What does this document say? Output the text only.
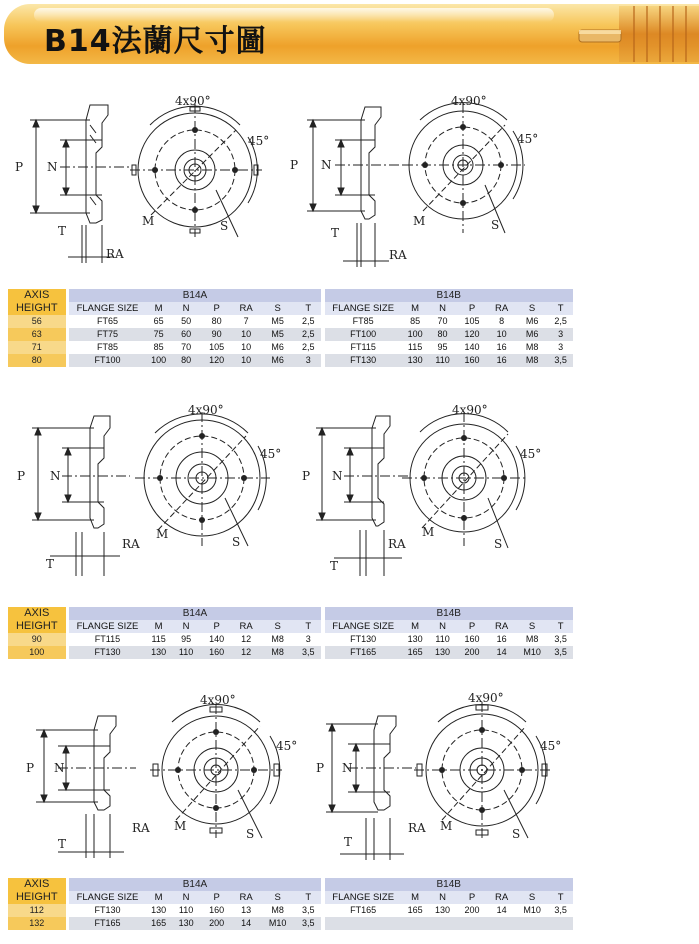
B14法蘭尺寸圖
P N
T
RA
4x90°
45°
M	S
P N
T
RA
4x90°
45°
M	S
AXIS
HEIGHT	B14A								B14B						
	FLANGE SIZE	M	N	P	RA	S	T		FLANGE SIZE	M	N	P	RA	S	T
56	FT65	65	50	80	7	M5	2,5		FT85	85	70	105	8	M6	2,5
63	FT75	75	60	90	10	M5	2,5		FT100	100	80	120	10	M6	3
71	FT85	85	70	105	10	M6	2,5		FT115	115	95	140	16	M8	3
80	FT100	100	80	120	10	M6	3		FT130	130	110	160	16	M8	3,5
P N
T
RA
4x90°
45°
M
S
P N
T
RA
4x90°
45°
M
S
AXIS
HEIGHT	B14A								B14B						
	FLANGE SIZE	M	N	P	RA	S	T		FLANGE SIZE	M	N	P	RA	S	T
90	FT115	115	95	140	12	M8	3		FT130	130	110	160	16	M8	3,5
100	FT130	130	110	160	12	M8	3,5		FT165	165	130	200	14	M10	3,5
P N
T
RA
4x90°
45°
M
S
P N
T
RA
4x90°
45°
M
S
AXIS
HEIGHT	B14A								B14B						
	FLANGE SIZE	M	N	P	RA	S	T		FLANGE SIZE	M	N	P	RA	S	T
112	FT130	130	110	160	13	M8	3,5		FT165	165	130	200	14	M10	3,5
132	FT165	165	130	200	14	M10	3,5								
